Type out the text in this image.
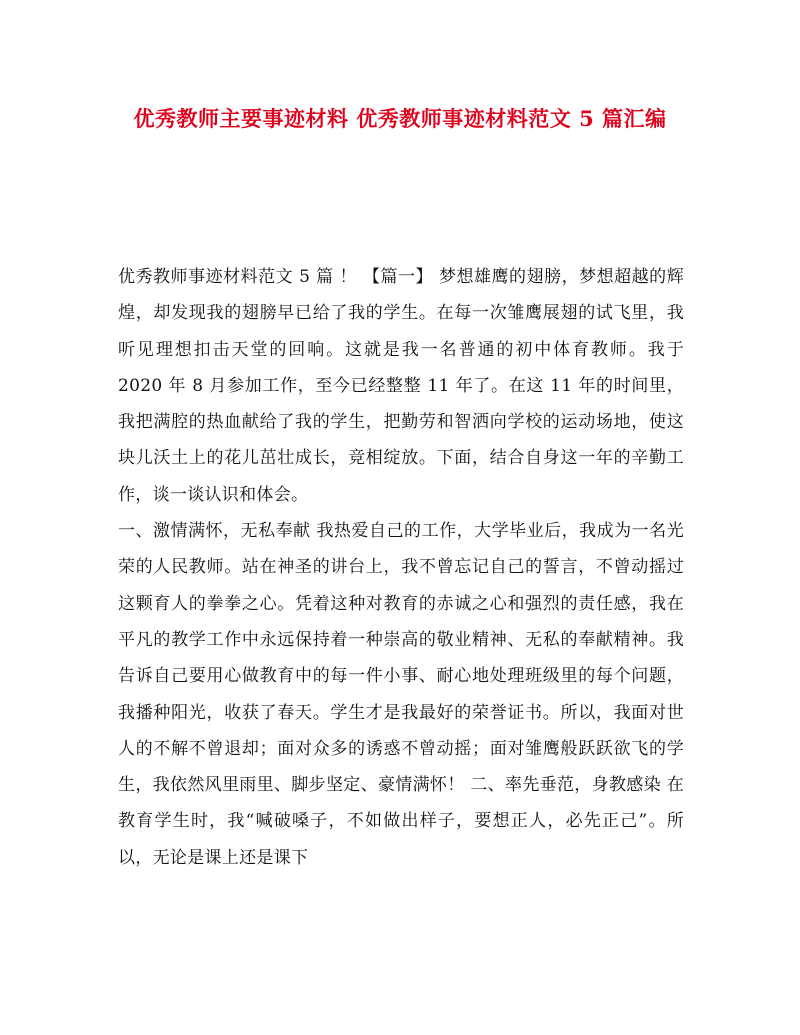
优秀教师主要事迹材料 优秀教师事迹材料范文 5 篇汇编

优秀教师事迹材料范文 5 篇 ！ 【篇一】 梦想雄鹰的翅膀，梦想超越的辉煌，却发现我的翅膀早已给了我的学生。在每一次雏鹰展翅的试飞里，我听见理想扣击天堂的回响。这就是我一名普通的初中体育教师。我于 2020 年 8 月参加工作，至今已经整整 11 年了。在这 11 年的时间里，我把满腔的热血献给了我的学生，把勤劳和智洒向学校的运动场地，使这块儿沃土上的花儿茁壮成长，竞相绽放。下面，结合自身这一年的辛勤工作，谈一谈认识和体会。

一、激情满怀，无私奉献 我热爱自己的工作，大学毕业后，我成为一名光荣的人民教师。站在神圣的讲台上，我不曾忘记自己的誓言，不曾动摇过这颗育人的拳拳之心。凭着这种对教育的赤诚之心和强烈的责任感，我在平凡的教学工作中永远保持着一种崇高的敬业精神、无私的奉献精神。我告诉自己要用心做教育中的每一件小事、耐心地处理班级里的每个问题，我播种阳光，收获了春天。学生才是我最好的荣誉证书。所以，我面对世人的不解不曾退却；面对众多的诱惑不曾动摇；面对雏鹰般跃跃欲飞的学生，我依然风里雨里、脚步坚定、豪情满怀！ 二、率先垂范，身教感染 在教育学生时，我“喊破嗓子，不如做出样子，要想正人，必先正己”。所以，无论是课上还是课下
